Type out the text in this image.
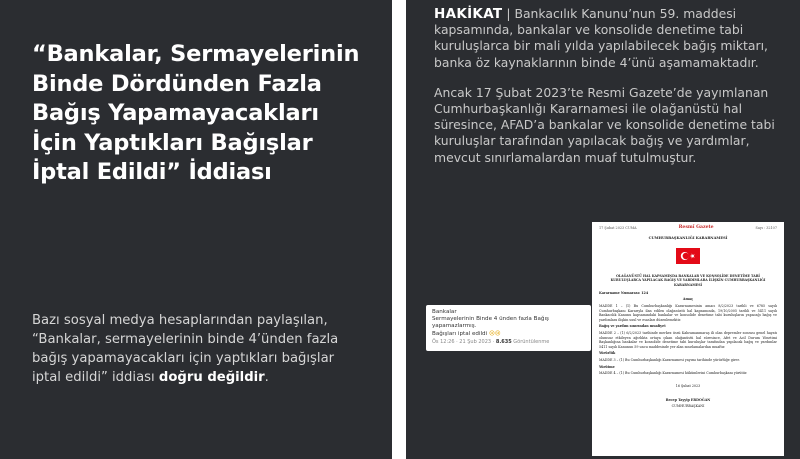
“Bankalar, Sermayelerinin Binde Dördünden Fazla Bağış Yapamayacakları İçin Yaptıkları Bağışlar İptal Edildi” İddiası

Bazı sosyal medya hesaplarından paylaşılan, “Bankalar, sermayelerinin binde 4’ünden fazla bağış yapamayacakları için yaptıkları bağışlar iptal edildi” iddiası doğru değildir.

HAKİKAT | Bankacılık Kanunu’nun 59. maddesi kapsamında, bankalar ve konsolide denetime tabi kuruluşlarca bir mali yılda yapılabilecek bağış miktarı, banka öz kaynaklarının binde 4’ünü aşamamaktadır.

Ancak 17 Şubat 2023’te Resmi Gazete’de yayımlanan Cumhurbaşkanlığı Kararnamesi ile olağanüstü hal süresince, AFAD’a bankalar ve konsolide denetime tabi kuruluşlar tarafından yapılacak bağış ve yardımlar, mevcut sınırlamalardan muaf tutulmuştur.

Bankalar
Sermayelerinin Binde 4 ünden fazla Bağış yapamazlarmış.
Bağışları iptal edildi 😢😢
Ös 12:26 · 21 Şub 2023 · 8.635 Görüntülenme
17 Şubat 2023 CUMA	Resmî Gazete	Sayı : 32107
CUMHURBAŞKANLIĞI KARARNAMESİ
OLAĞANÜSTÜ HAL KAPSAMINDA BANKALAR VE KONSOLİDE DENETİME TABİ KURULUŞLARCA YAPILACAK BAĞIŞ VE YARDIMLARA İLİŞKİN CUMHURBAŞKANLIĞI KARARNAMESİ
Kararname Numarası: 124
Amaç
MADDE 1 – (1) Bu Cumhurbaşkanlığı Kararnamesinin amacı 8/2/2023 tarihli ve 6785 sayılı Cumhurbaşkanı Kararıyla ilan edilen olağanüstü hal kapsamında, 19/10/2005 tarihli ve 5411 sayılı Bankacılık Kanunu kapsamındaki bankalar ve konsolide denetime tabi kuruluşların yapacağı bağış ve yardımlara ilişkin usul ve esasları düzenlemektir.
Bağış ve yardım sınırından muafiyet
MADDE 2 – (1) 6/2/2023 tarihinde merkez üssü Kahramanmaraş ili olan depremler sonrası genel hayatı olumsuz etkileyen ağırlıkta ortaya çıkan olağanüstü hal süresince, Afet ve Acil Durum Yönetimi Başkanlığına bankalar ve konsolide denetime tabi kuruluşlar tarafından yapılacak bağış ve yardımlar 5411 sayılı Kanunun 59 uncu maddesinde yer alan sınırlamalardan muaftır.
Yürürlük
MADDE 3 – (1) Bu Cumhurbaşkanlığı Kararnamesi yayımı tarihinde yürürlüğe girer.
Yürütme
MADDE 4 – (1) Bu Cumhurbaşkanlığı Kararnamesi hükümlerini Cumhurbaşkanı yürütür.
16 Şubat 2023
Recep Tayyip ERDOĞAN
CUMHURBAŞKANI
